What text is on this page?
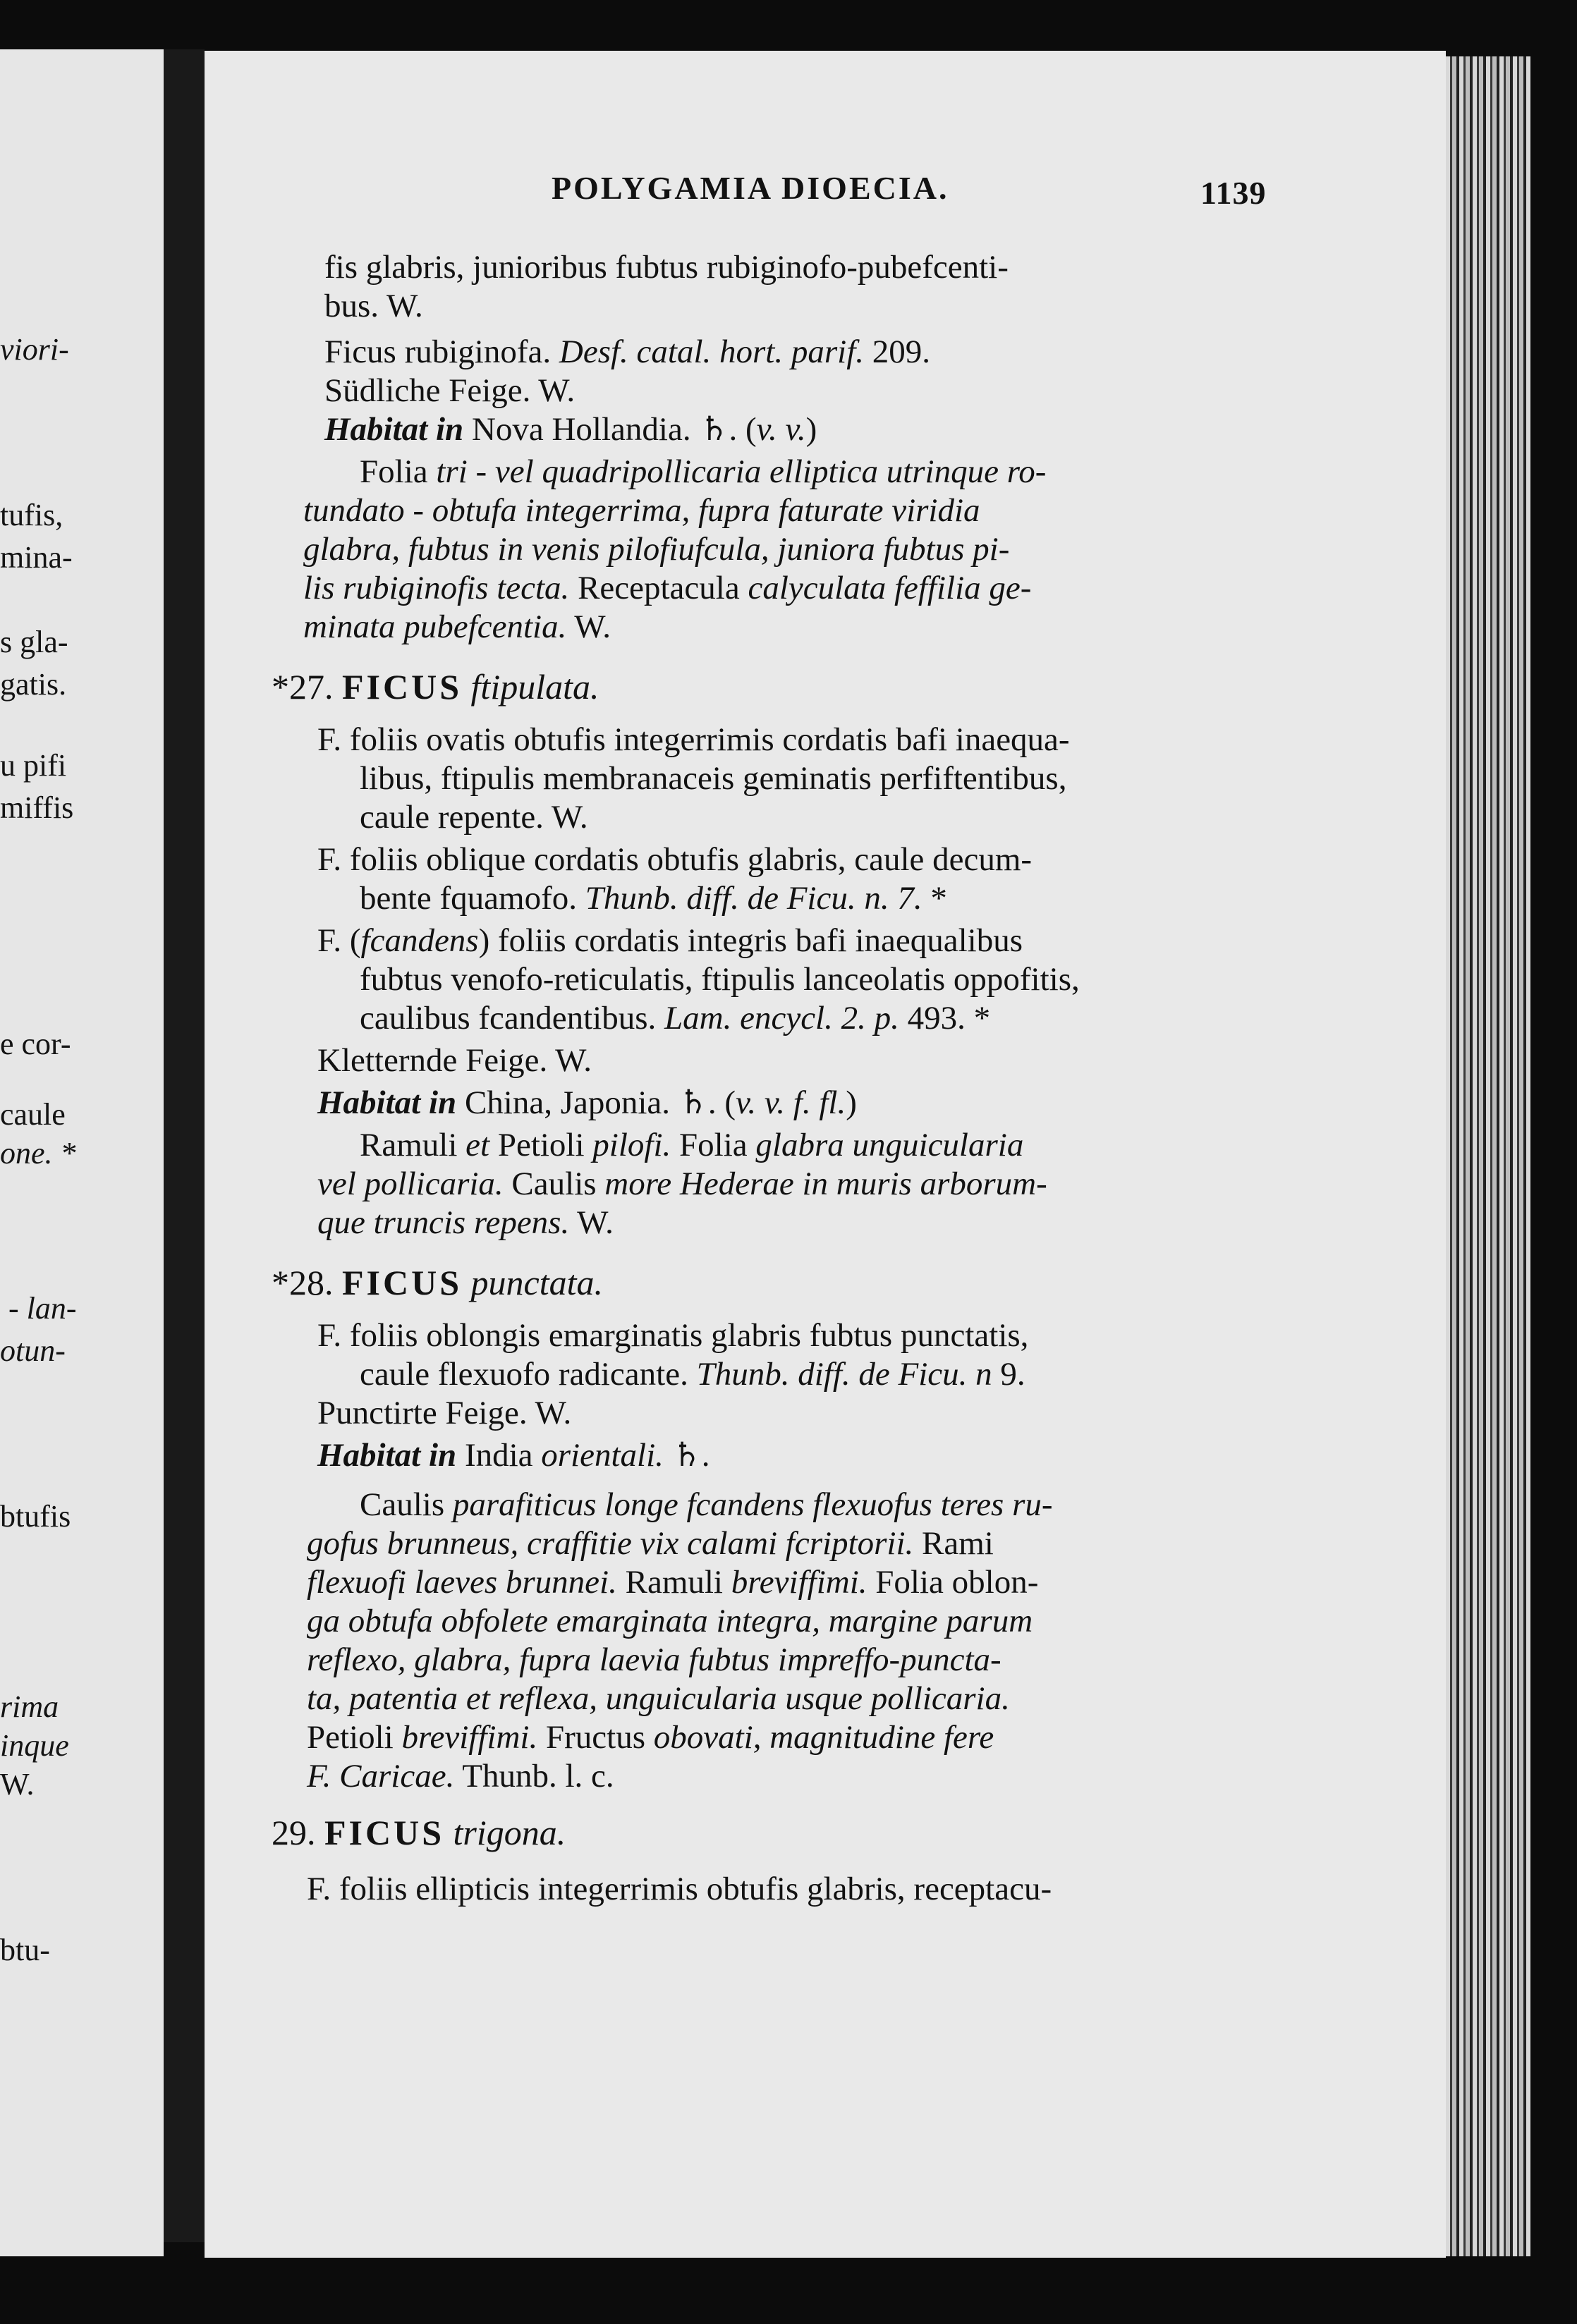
viori-
tufis,
mina-
s gla-
gatis.
u pifi
miffis
e cor-
caule
one. *
- lan-
otun-
btufis
rima
inque
W.
btu-
POLYGAMIA DIOECIA.	1139
fis glabris, junioribus fubtus rubiginofo-pubefcenti-
bus. W.
Ficus rubiginofa. Desf. catal. hort. parif. 209.
Südliche Feige. W.
Habitat in Nova Hollandia. ♄. (v. v.)
Folia tri - vel quadripollicaria elliptica utrinque ro-
tundato - obtufa integerrima, fupra faturate viridia
glabra, fubtus in venis pilofiufcula, juniora fubtus pi-
lis rubiginofis tecta. Receptacula calyculata feffilia ge-
minata pubefcentia. W.
*27. FICUS ftipulata.
F. foliis ovatis obtufis integerrimis cordatis bafi inaequa-
libus, ftipulis membranaceis geminatis perfiftentibus,
caule repente. W.
F. foliis oblique cordatis obtufis glabris, caule decum-
bente fquamofo. Thunb. diff. de Ficu. n. 7. *
F. (fcandens) foliis cordatis integris bafi inaequalibus
fubtus venofo-reticulatis, ftipulis lanceolatis oppofitis,
caulibus fcandentibus. Lam. encycl. 2. p. 493. *
Kletternde Feige. W.
Habitat in China, Japonia. ♄. (v. v. f. fl.)
Ramuli et Petioli pilofi. Folia glabra unguicularia
vel pollicaria. Caulis more Hederae in muris arborum-
que truncis repens. W.
*28. FICUS punctata.
F. foliis oblongis emarginatis glabris fubtus punctatis,
caule flexuofo radicante. Thunb. diff. de Ficu. n 9.
Punctirte Feige. W.
Habitat in India orientali. ♄.
Caulis parafiticus longe fcandens flexuofus teres ru-
gofus brunneus, craffitie vix calami fcriptorii. Rami
flexuofi laeves brunnei. Ramuli breviffimi. Folia oblon-
ga obtufa obfolete emarginata integra, margine parum
reflexo, glabra, fupra laevia fubtus impreffo-puncta-
ta, patentia et reflexa, unguicularia usque pollicaria.
Petioli breviffimi. Fructus obovati, magnitudine fere
F. Caricae. Thunb. l. c.
29. FICUS trigona.
F. foliis ellipticis integerrimis obtufis glabris, receptacu-
